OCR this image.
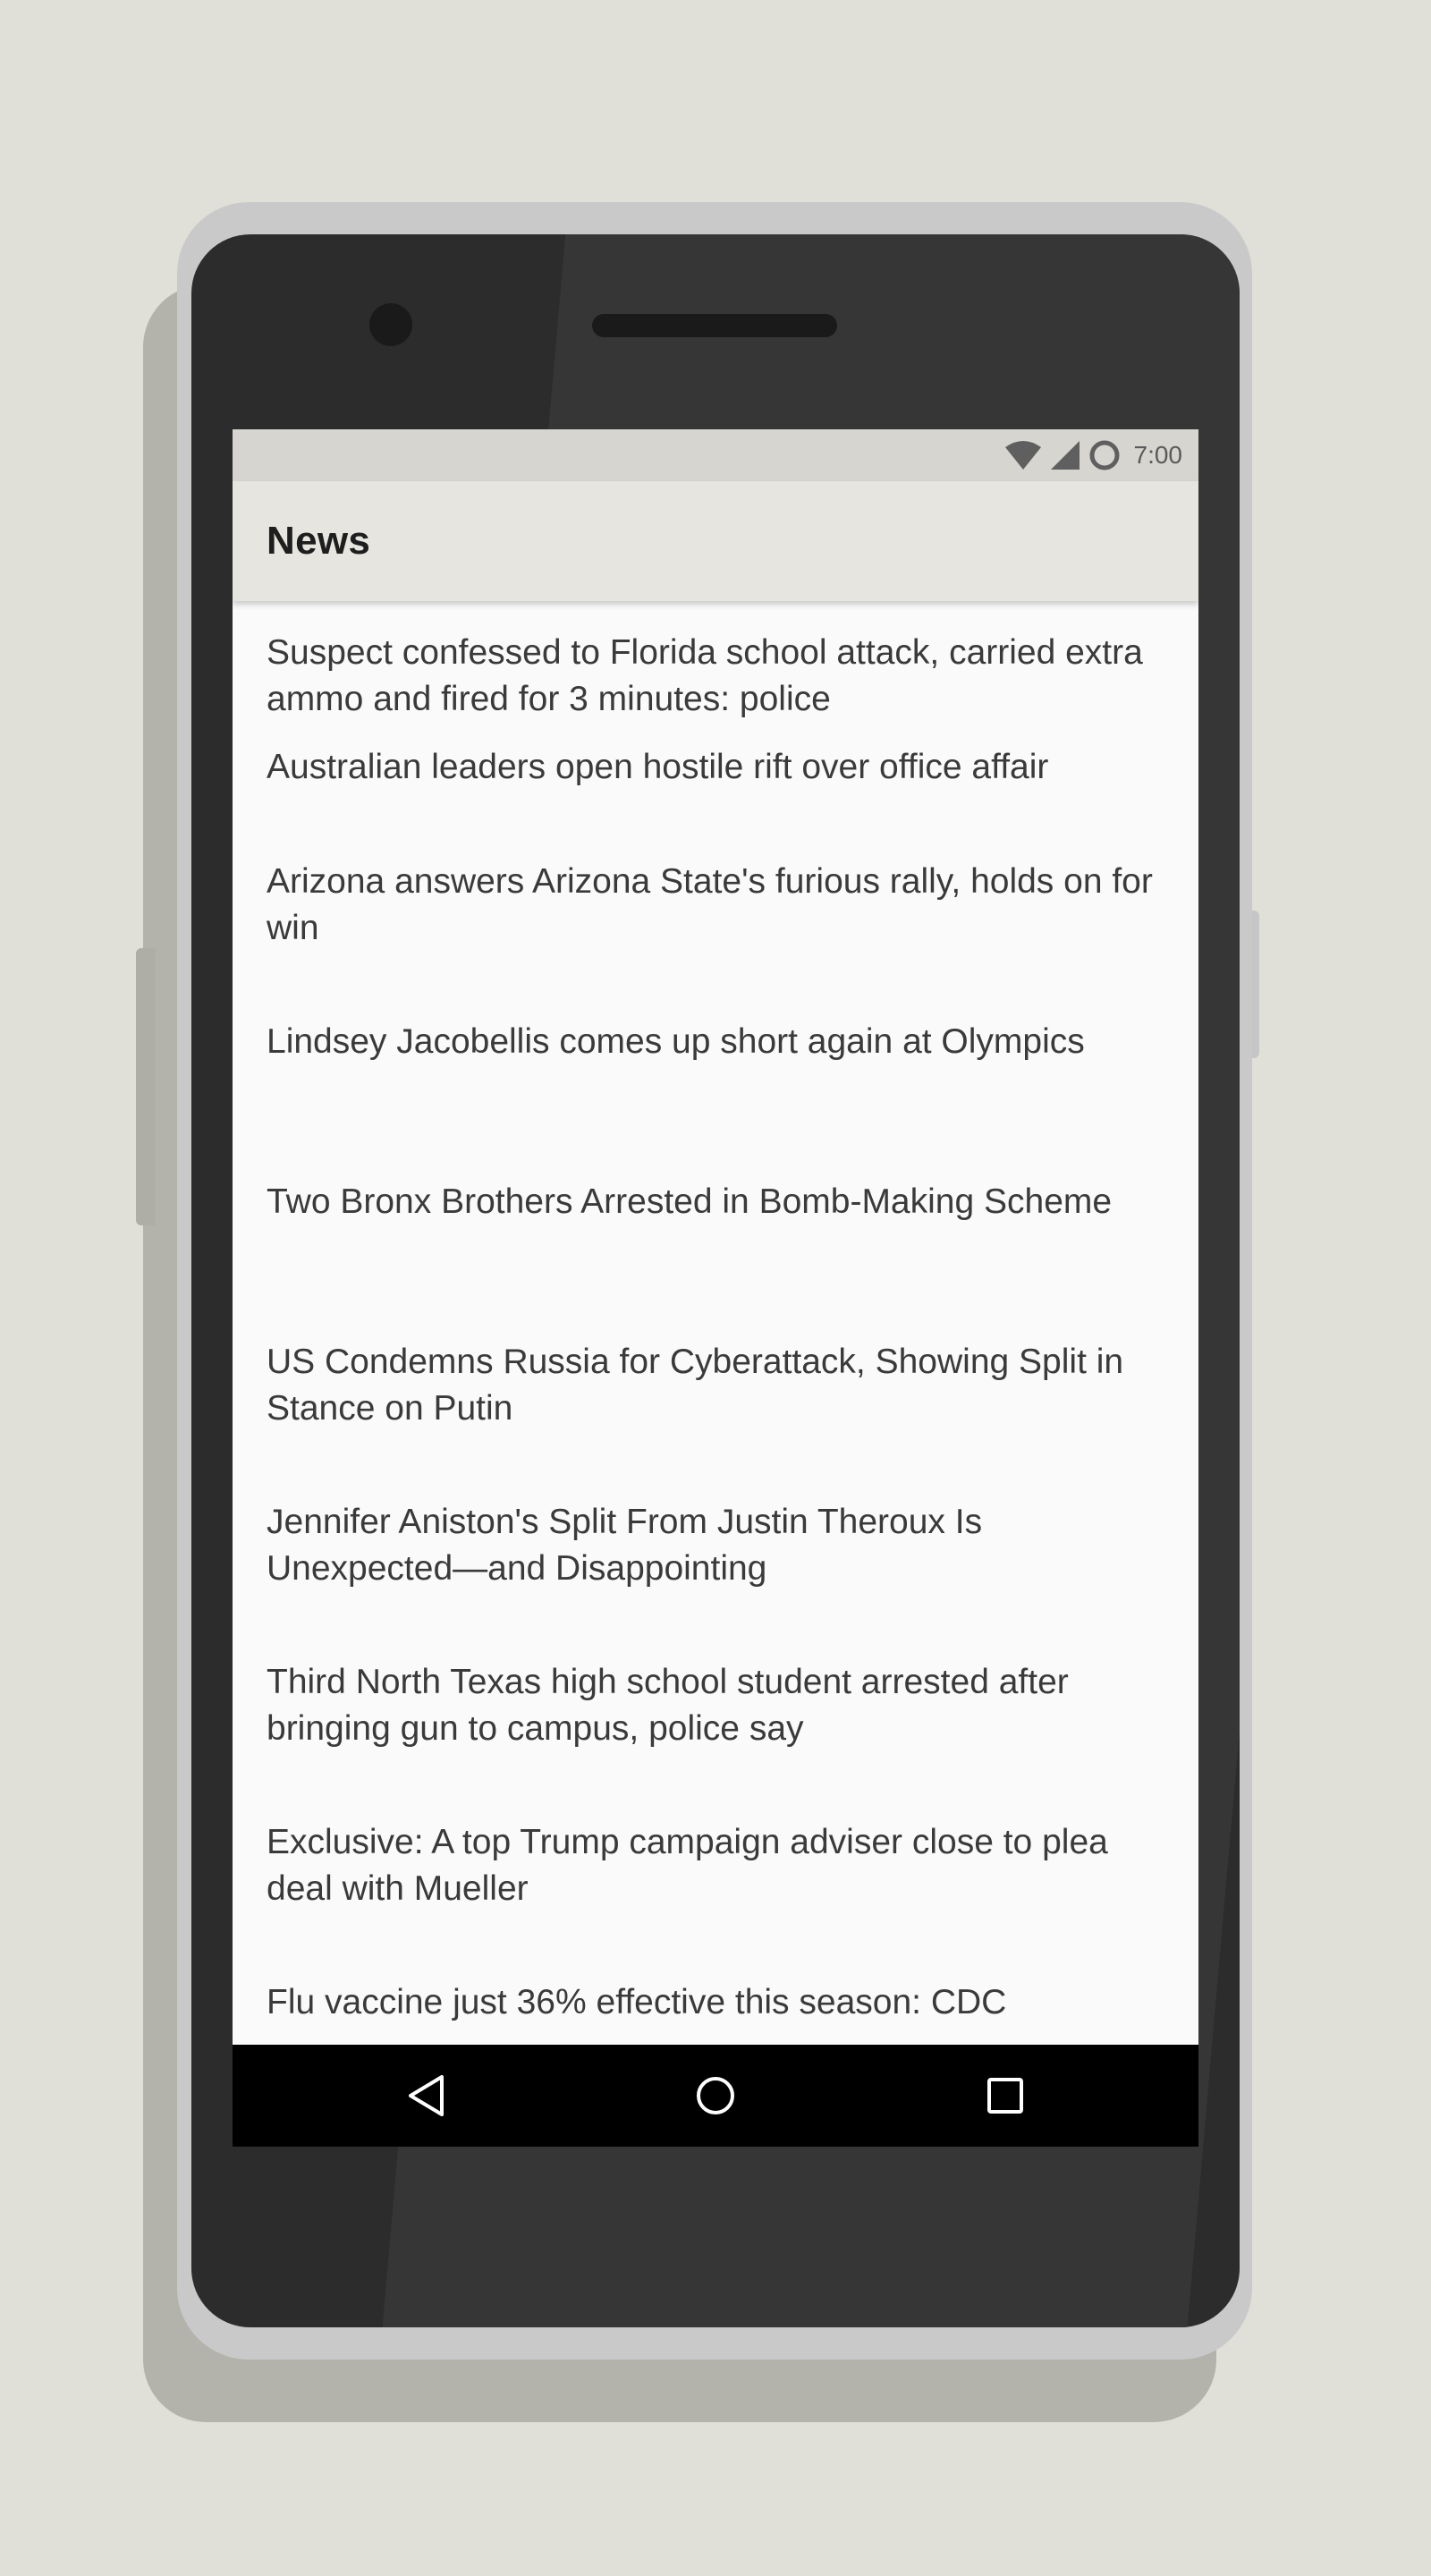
7:00
News
Suspect confessed to Florida school attack, carried extra ammo and fired for 3 minutes: police
Australian leaders open hostile rift over office affair
Arizona answers Arizona State's furious rally, holds on for win
Lindsey Jacobellis comes up short again at Olympics
Two Bronx Brothers Arrested in Bomb-Making Scheme
US Condemns Russia for Cyberattack, Showing Split in Stance on Putin
Jennifer Aniston's Split From Justin Theroux Is Unexpected—and Disappointing
Third North Texas high school student arrested after bringing gun to campus, police say
Exclusive: A top Trump campaign adviser close to plea deal with Mueller
Flu vaccine just 36% effective this season: CDC
